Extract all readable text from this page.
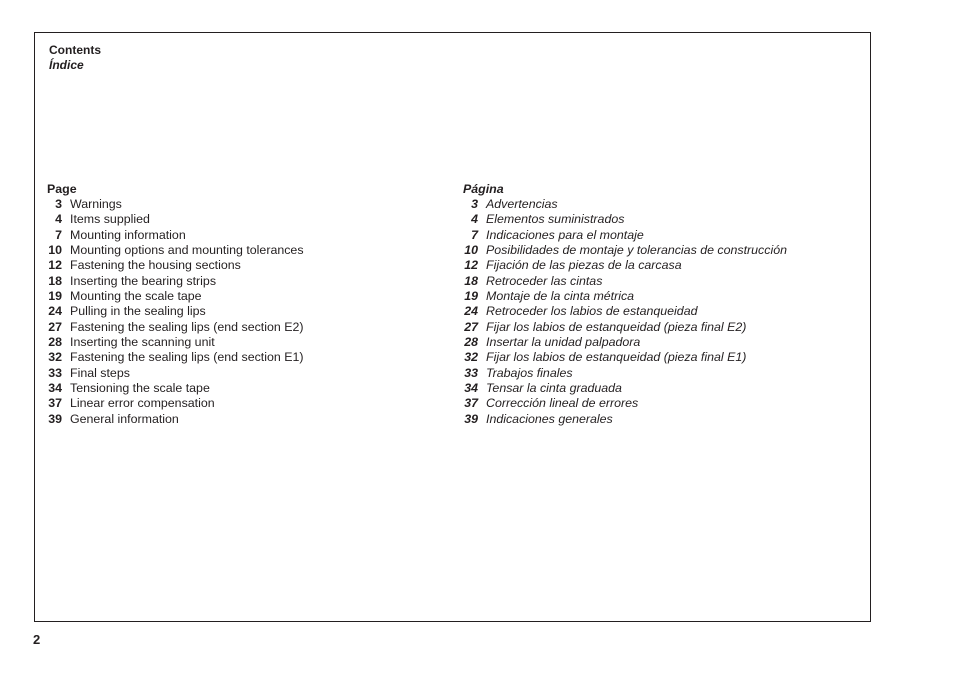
Contents
Índice
Page
3 Warnings
4 Items supplied
7 Mounting information
10 Mounting options and mounting tolerances
12 Fastening the housing sections
18 Inserting the bearing strips
19 Mounting the scale tape
24 Pulling in the sealing lips
27 Fastening the sealing lips (end section E2)
28 Inserting the scanning unit
32 Fastening the sealing lips (end section E1)
33 Final steps
34 Tensioning the scale tape
37 Linear error compensation
39 General information
Página
3 Advertencias
4 Elementos suministrados
7 Indicaciones para el montaje
10 Posibilidades de montaje y tolerancias de construcción
12 Fijación de las piezas de la carcasa
18 Retroceder las cintas
19 Montaje de la cinta métrica
24 Retroceder los labios de estanqueidad
27 Fijar los labios de estanqueidad (pieza final E2)
28 Insertar la unidad palpadora
32 Fijar los labios de estanqueidad (pieza final E1)
33 Trabajos finales
34 Tensar la cinta graduada
37 Corrección lineal de errores
39 Indicaciones generales
2
